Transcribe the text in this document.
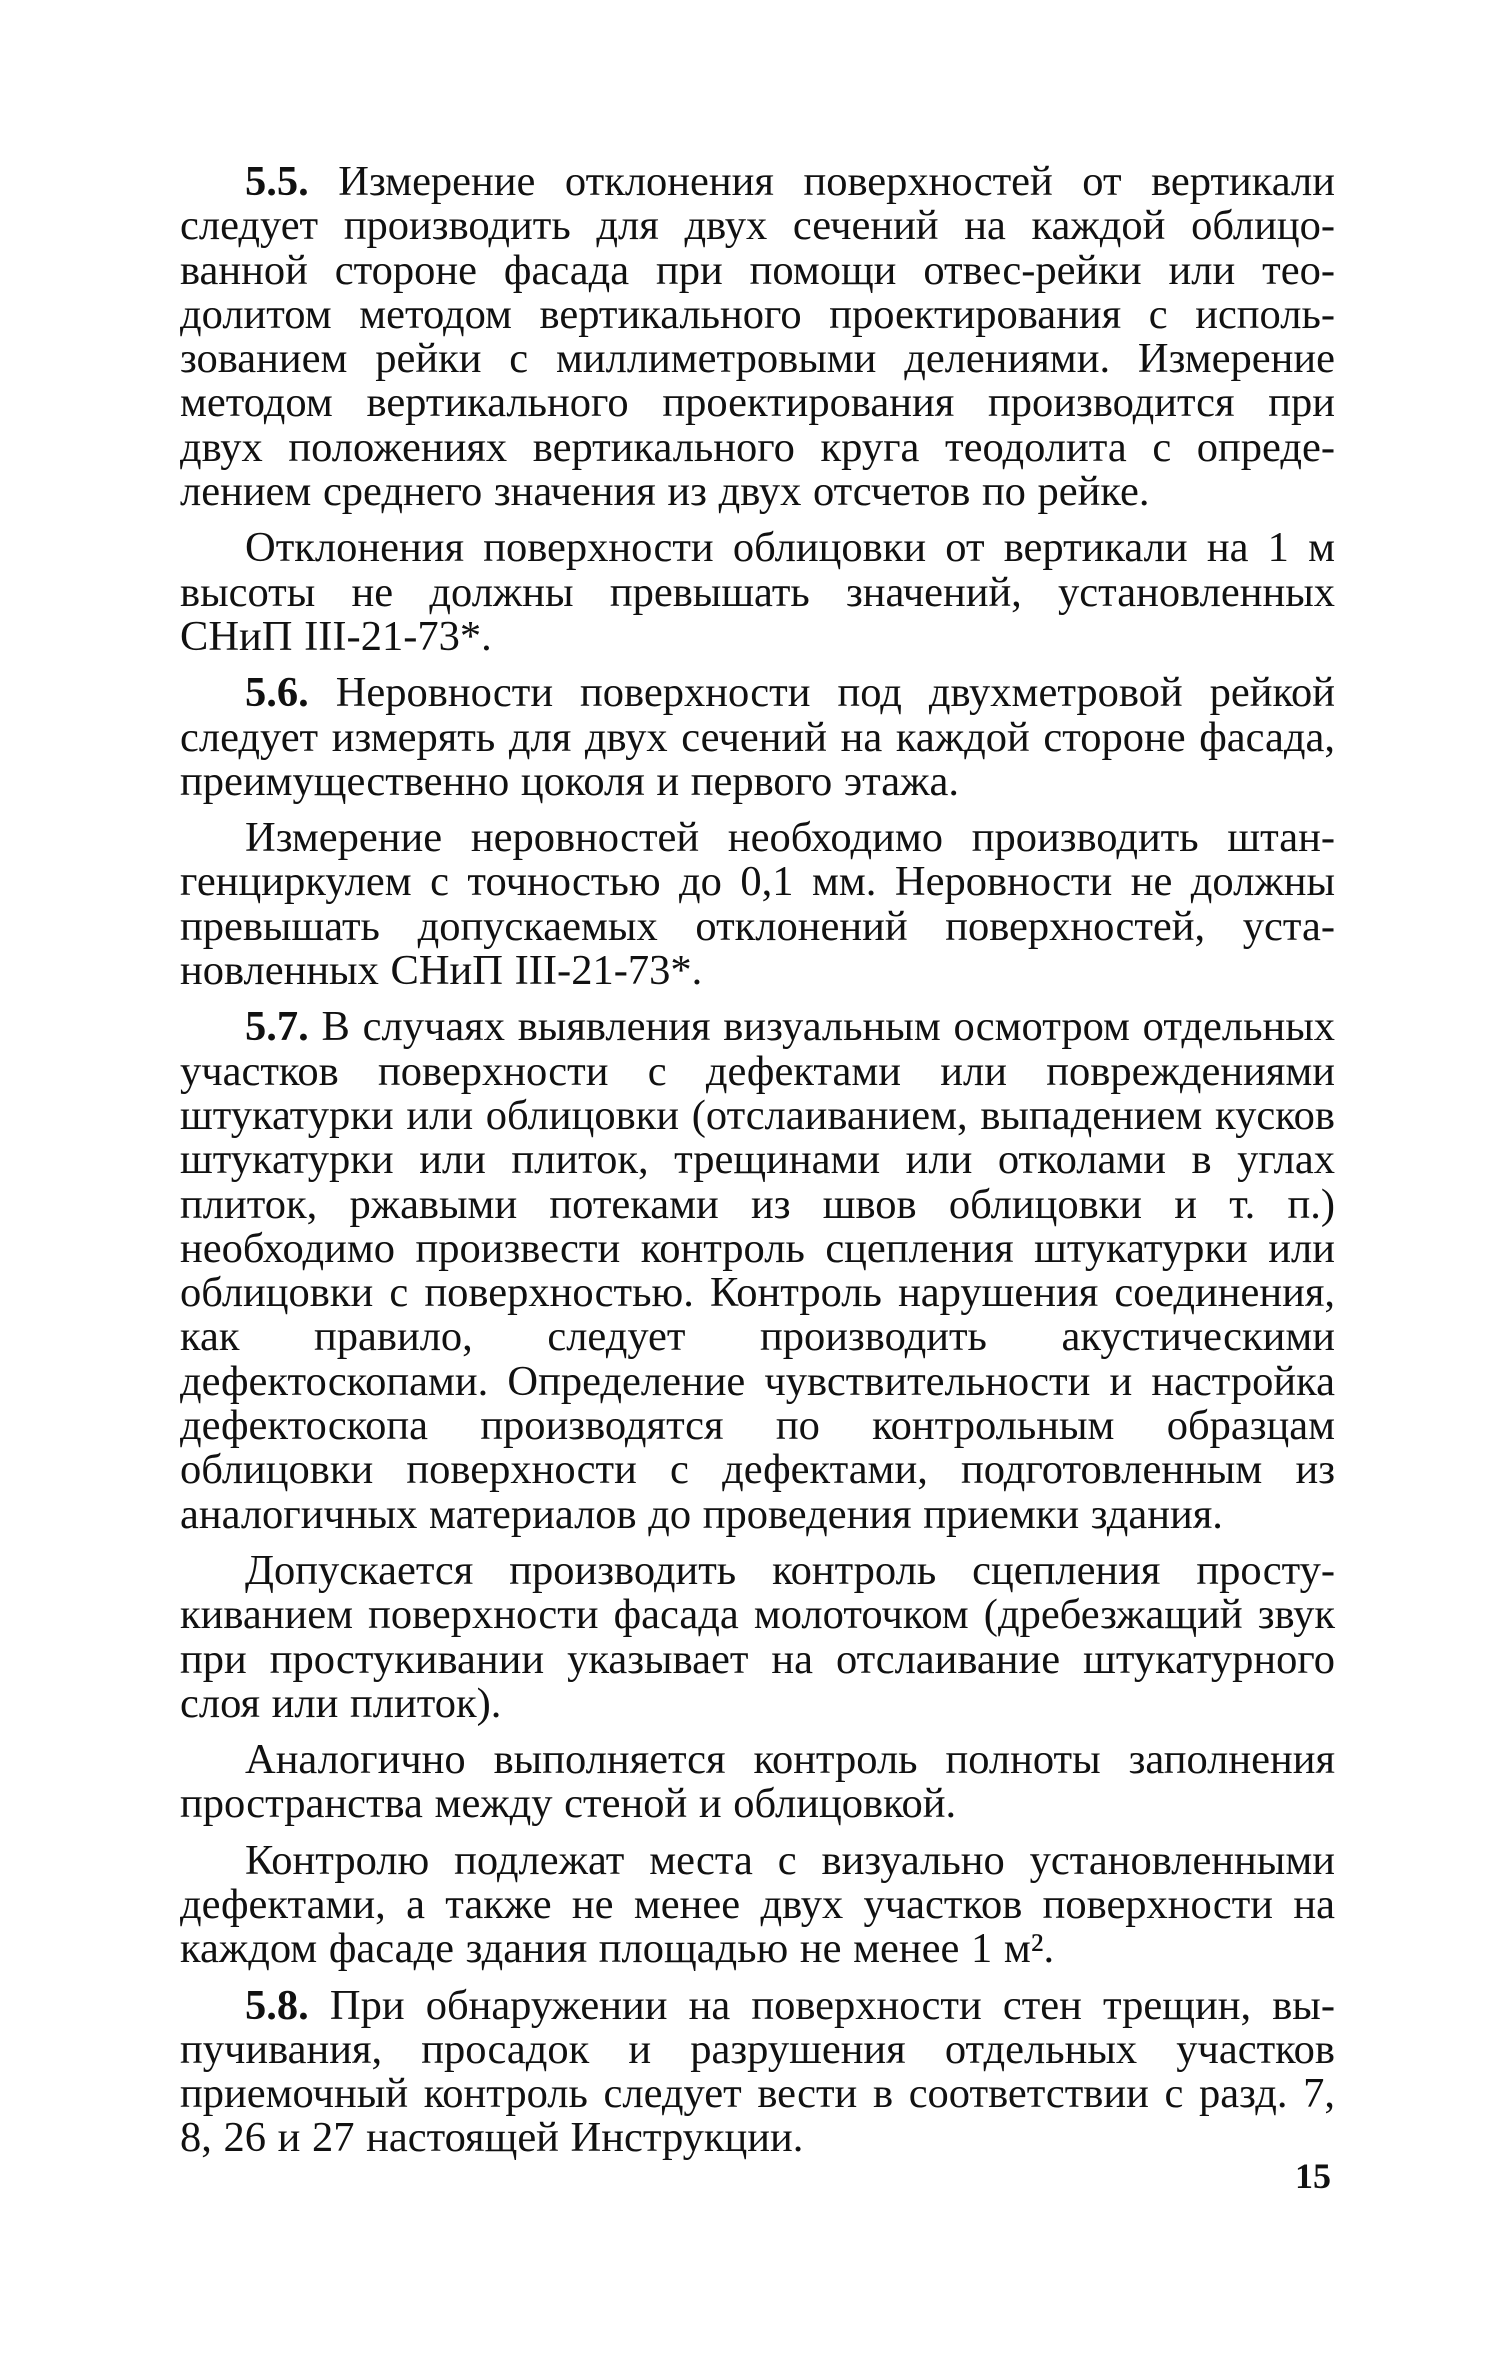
5.5. Измерение отклонения поверхностей от вертикали следует производить для двух сечений на каждой облицованной стороне фасада при помощи отвес-рейки или теодолитом методом вертикального проектирования с использованием рейки с миллиметровыми делениями. Измерение методом вертикального проектирования производится при двух положениях вертикального круга теодолита с определением среднего значения из двух отсчетов по рейке.

Отклонения поверхности облицовки от вертикали на 1 м высоты не должны превышать значений, установленных СНиП III-21-73*.

5.6. Неровности поверхности под двухметровой рейкой следует измерять для двух сечений на каждой стороне фасада, преимущественно цоколя и первого этажа.

Измерение неровностей необходимо производить штангенциркулем с точностью до 0,1 мм. Неровности не должны превышать допускаемых отклонений поверхностей, установленных СНиП III-21-73*.

5.7. В случаях выявления визуальным осмотром отдельных участков поверхности с дефектами или повреждениями штукатурки или облицовки (отслаиванием, выпадением кусков штукатурки или плиток, трещинами или отколами в углах плиток, ржавыми потеками из швов облицовки и т. п.) необходимо произвести контроль сцепления штукатурки или облицовки с поверхностью. Контроль нарушения соединения, как правило, следует производить акустическими дефектоскопами. Определение чувствительности и настройка дефектоскопа производятся по контрольным образцам облицовки поверхности с дефектами, подготовленным из аналогичных материалов до проведения приемки здания.

Допускается производить контроль сцепления простукиванием поверхности фасада молоточком (дребезжащий звук при простукивании указывает на отслаивание штукатурного слоя или плиток).

Аналогично выполняется контроль полноты заполнения пространства между стеной и облицовкой.

Контролю подлежат места с визуально установленными дефектами, а также не менее двух участков поверхности на каждом фасаде здания площадью не менее 1 м².

5.8. При обнаружении на поверхности стен трещин, выпучивания, просадок и разрушения отдельных участков приемочный контроль следует вести в соответствии с разд. 7, 8, 26 и 27 настоящей Инструкции.

15
